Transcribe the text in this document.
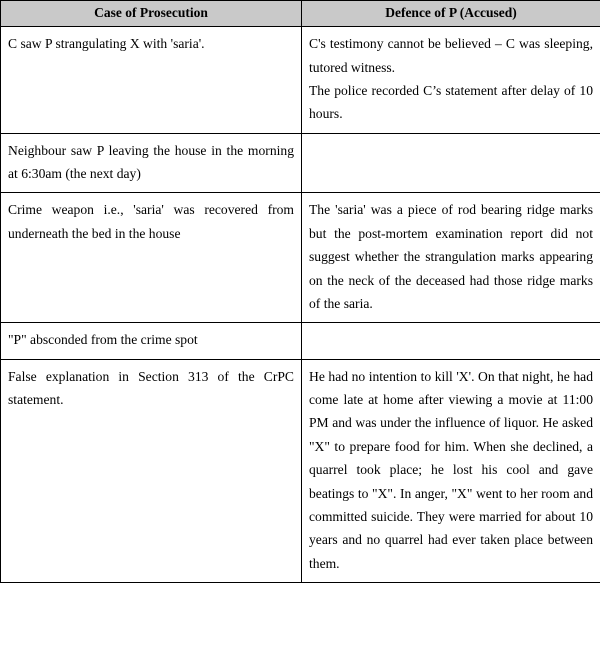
Case of Prosecution	Defence of P (Accused)

C saw P strangulating X with 'saria'.	C's testimony cannot be believed – C was sleeping, tutored witness.

The police recorded C’s statement after delay of 10 hours.

Neighbour saw P leaving the house in the morning at 6:30am (the next day)	

Crime weapon i.e., 'saria' was recovered from underneath the bed in the house	The 'saria' was a piece of rod bearing ridge marks but the post-mortem examination report did not suggest whether the strangulation marks appearing on the neck of the deceased had those ridge marks of the saria.

"P" absconded from the crime spot	

False explanation in Section 313 of the CrPC statement.	He had no intention to kill 'X'. On that night, he had come late at home after viewing a movie at 11:00 PM and was under the influence of liquor. He asked "X" to prepare food for him. When she declined, a quarrel took place; he lost his cool and gave beatings to "X". In anger, "X" went to her room and committed suicide. They were married for about 10 years and no quarrel had ever taken place between them.
